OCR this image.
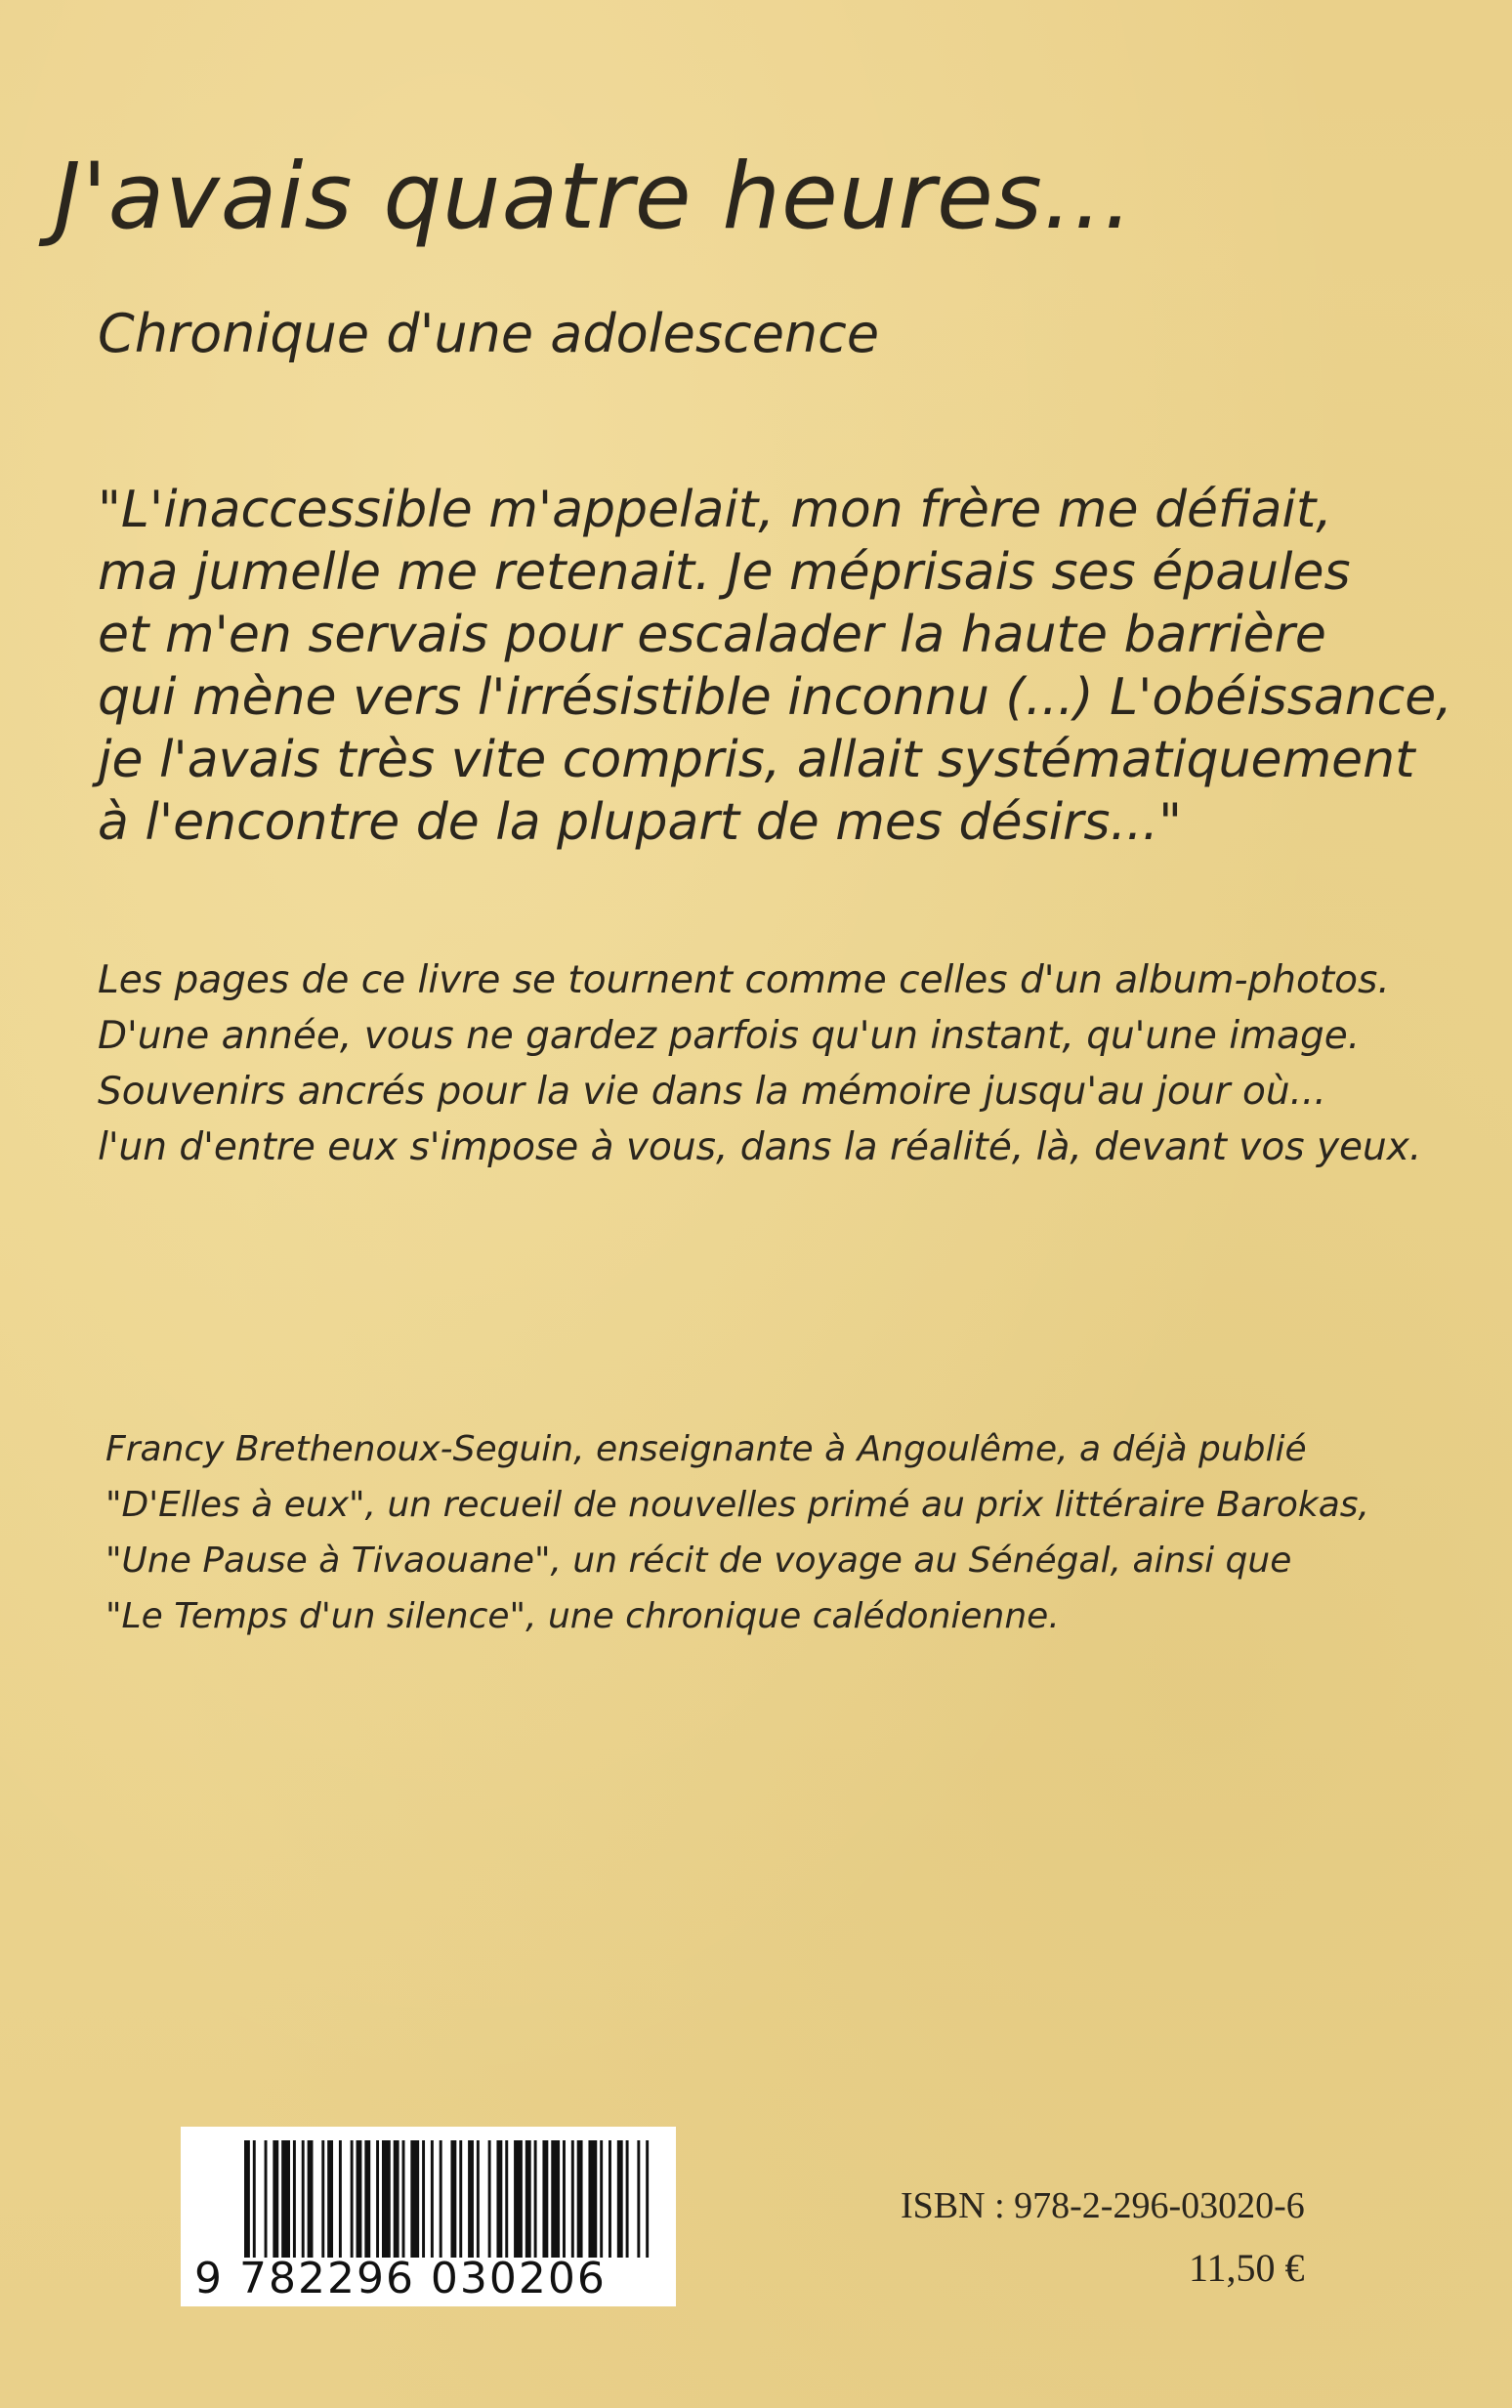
J'avais quatre heures...
Chronique d'une adolescence
"L'inaccessible m'appelait, mon frère me défiait,
ma jumelle me retenait. Je méprisais ses épaules
et m'en servais pour escalader la haute barrière
qui mène vers l'irrésistible inconnu (...) L'obéissance,
je l'avais très vite compris, allait systématiquement
à l'encontre de la plupart de mes désirs..."
Les pages de ce livre se tournent comme celles d'un album-photos.
D'une année, vous ne gardez parfois qu'un instant, qu'une image.
Souvenirs ancrés pour la vie dans la mémoire jusqu'au jour où...
l'un d'entre eux s'impose à vous, dans la réalité, là, devant vos yeux.
Francy Brethenoux-Seguin, enseignante à Angoulême, a déjà publié
"D'Elles à eux", un recueil de nouvelles primé au prix littéraire Barokas,
"Une Pause à Tivaouane", un récit de voyage au Sénégal, ainsi que
"Le Temps d'un silence", une chronique calédonienne.
9 782296 030206
ISBN : 978-2-296-03020-6
11,50 €
